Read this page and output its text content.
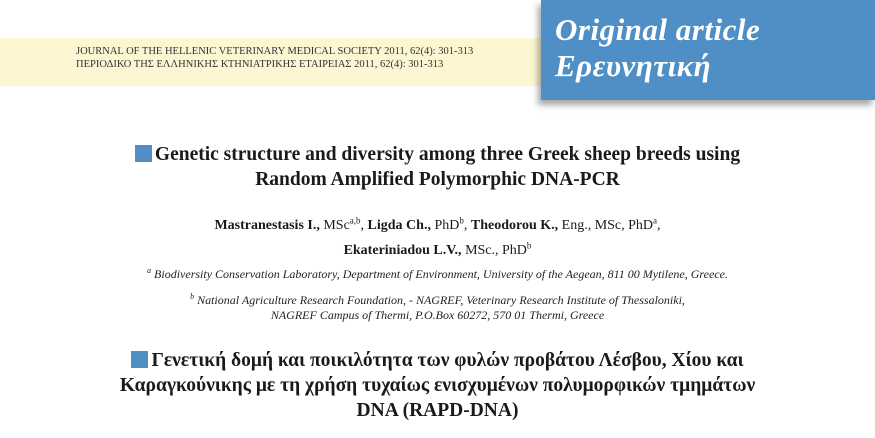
JOURNAL OF THE HELLENIC VETERINARY MEDICAL SOCIETY 2011, 62(4): 301-313
ΠΕΡΙΟΔΙΚΟ ΤΗΣ ΕΛΛΗΝΙΚΗΣ ΚΤΗΝΙΑΤΡΙΚΗΣ ΕΤΑΙΡΕΙΑΣ 2011, 62(4): 301-313
Original article
Ερευνητική
Genetic structure and diversity among three Greek sheep breeds using
Random Amplified Polymorphic DNA-PCR
Mastranestasis I., MSc$^{a,b}$, Ligda Ch., PhD$^b$, Theodorou K., Eng., MSc, PhD$^a$,
Ekateriniadou L.V., MSc., PhD$^b$
$^a$ Biodiversity Conservation Laboratory, Department of Environment, University of the Aegean, 811 00 Mytilene, Greece.
$^b$ National Agriculture Research Foundation, - NAGREF, Veterinary Research Institute of Thessaloniki,
NAGREF Campus of Thermi, P.O.Box 60272, 570 01 Thermi, Greece
Γενετική δομή και ποικιλότητα των φυλών προβάτου Λέσβου, Χίου και
Καραγκούνικης με τη χρήση τυχαίως ενισχυμένων πολυμορφικών τμημάτων
DNA (RAPD-DNA)
